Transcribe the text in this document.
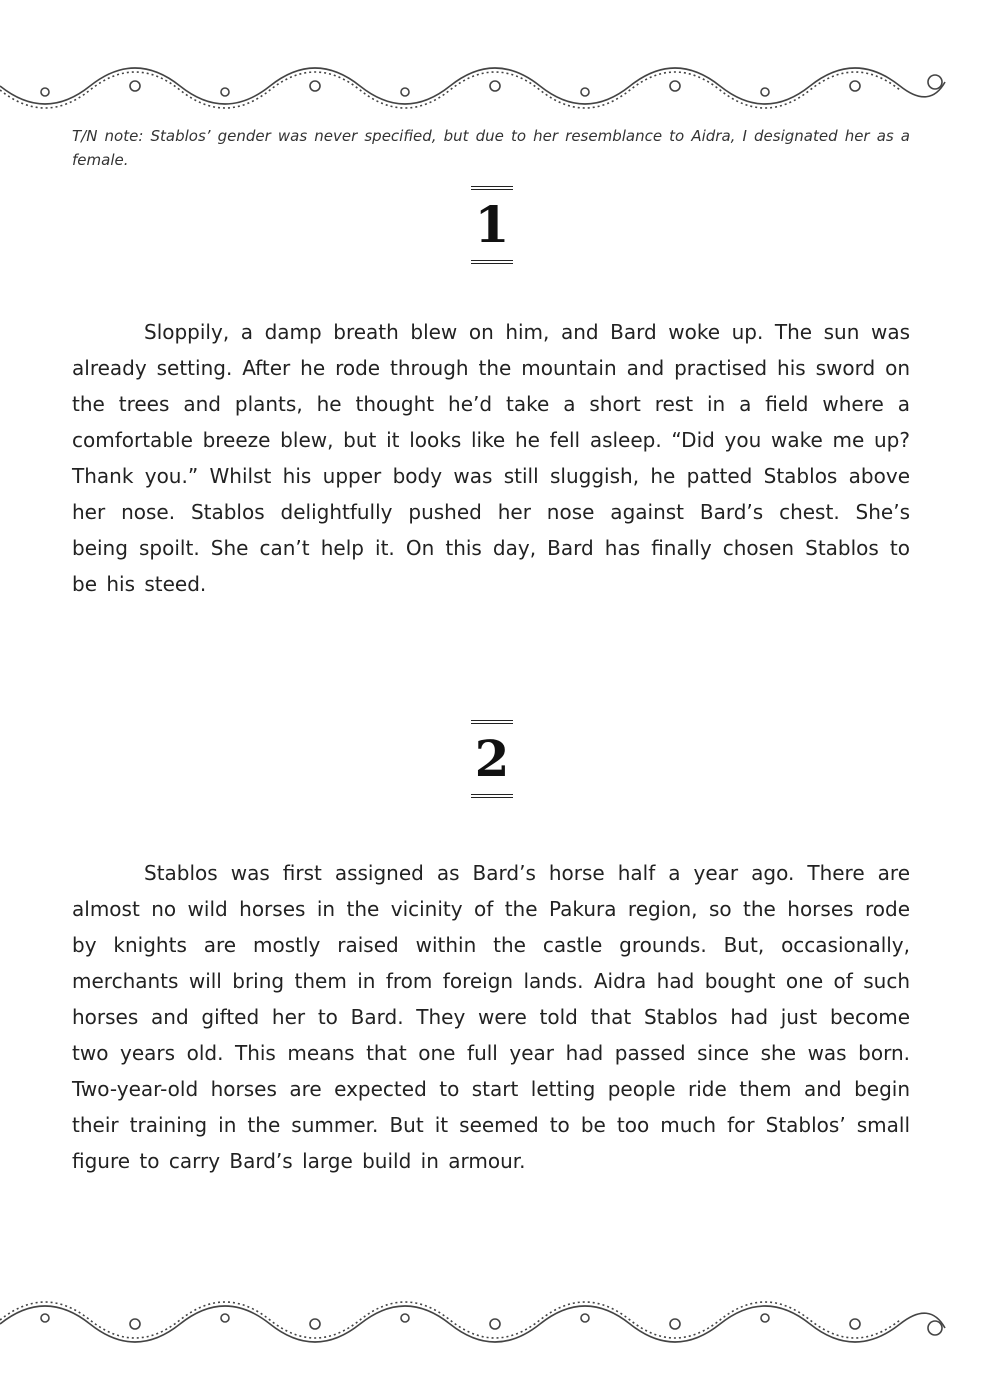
T/N note: Stablos’ gender was never specified, but due to her resemblance to Aidra, I designated her as a female.
1
Sloppily, a damp breath blew on him, and Bard woke up. The sun was already setting. After he rode through the mountain and practised his sword on the trees and plants, he thought he’d take a short rest in a field where a comfortable breeze blew, but it looks like he fell asleep. “Did you wake me up? Thank you.” Whilst his upper body was still sluggish, he patted Stablos above her nose. Stablos delightfully pushed her nose against Bard’s chest. She’s being spoilt. She can’t help it. On this day, Bard has finally chosen Stablos to be his steed.
2
Stablos was first assigned as Bard’s horse half a year ago. There are almost no wild horses in the vicinity of the Pakura region, so the horses rode by knights are mostly raised within the castle grounds. But, occasionally, merchants will bring them in from foreign lands. Aidra had bought one of such horses and gifted her to Bard. They were told that Stablos had just become two years old. This means that one full year had passed since she was born. Two-year-old horses are expected to start letting people ride them and begin their training in the summer. But it seemed to be too much for Stablos’ small figure to carry Bard’s large build in armour.
